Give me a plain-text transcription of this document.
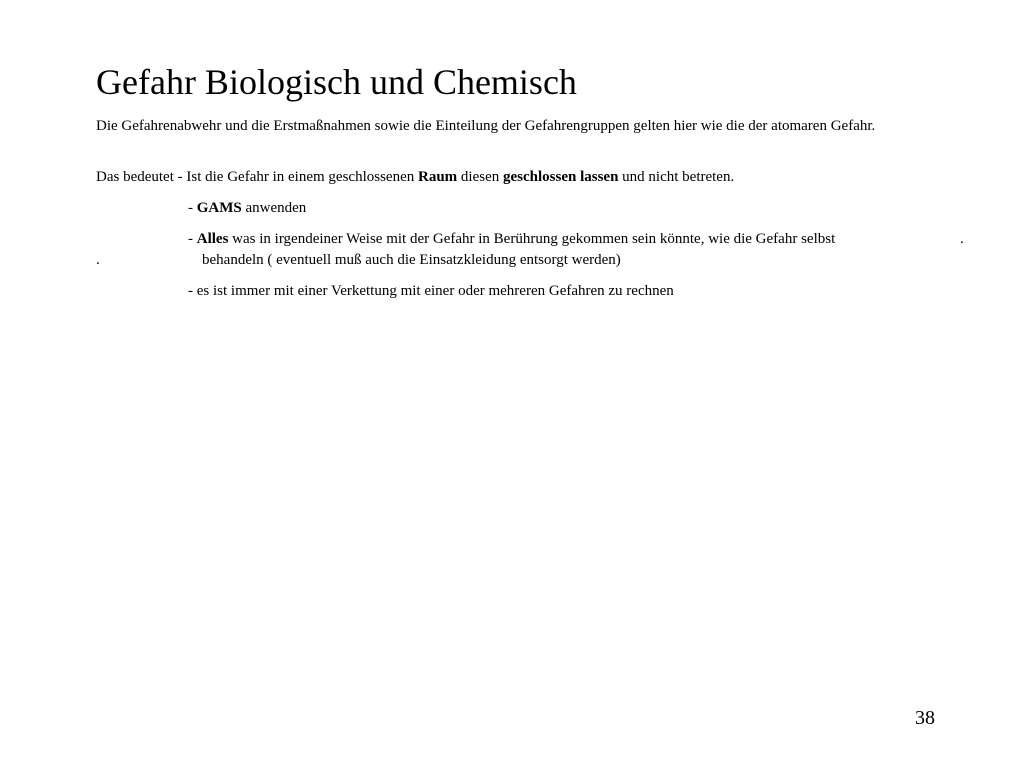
Gefahr Biologisch und Chemisch
Die Gefahrenabwehr und die Erstmaßnahmen sowie die Einteilung der Gefahrengruppen gelten hier wie die der atomaren Gefahr.
Das bedeutet - Ist die Gefahr in einem geschlossenen Raum diesen geschlossen lassen und nicht betreten.
- GAMS anwenden
- Alles was in irgendeiner Weise mit der Gefahr in Berührung gekommen sein könnte, wie die Gefahr selbst	.
.	behandeln ( eventuell muß auch die Einsatzkleidung entsorgt werden)
- es ist immer mit einer Verkettung mit einer oder mehreren Gefahren zu rechnen
38
